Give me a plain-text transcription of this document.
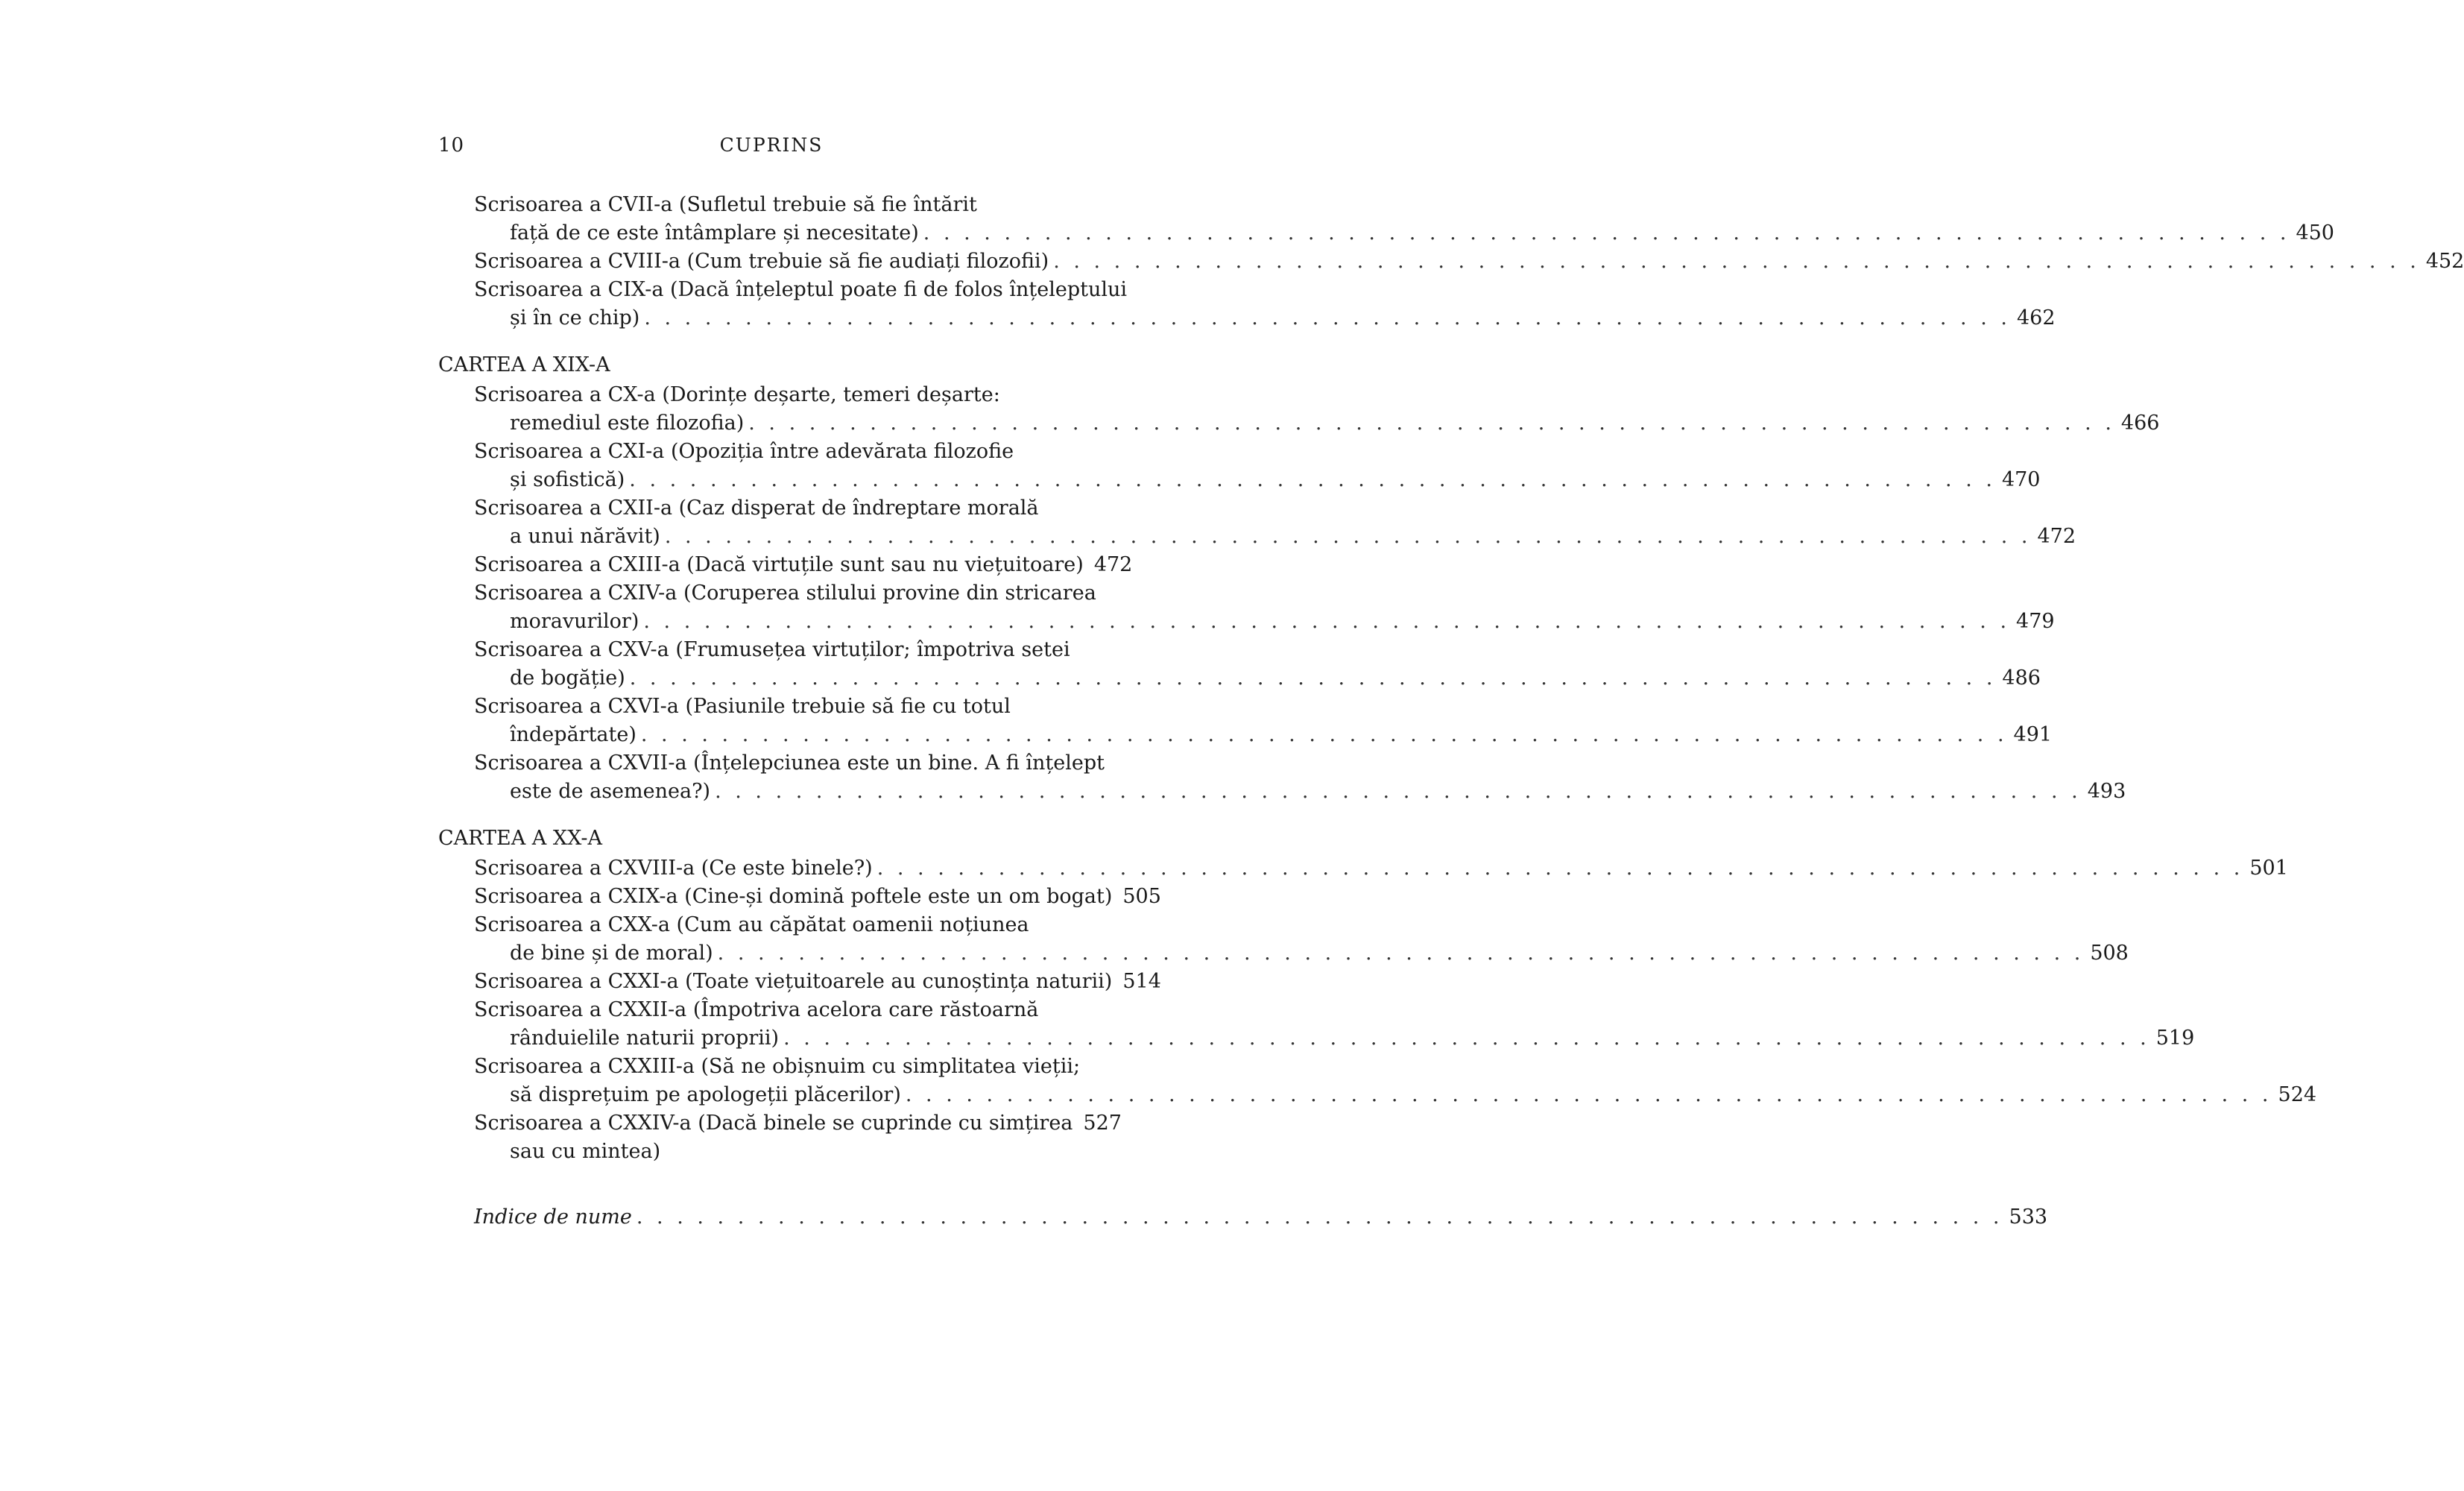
10	CUPRINS
Scrisoarea a CVII-a (Sufletul trebuie să fie întărit
față de ce este întâmplare și necesitate) . . . . . . . . . . . . . . . . . . . . . . . . . . . . . . . . . . . . . . . . . . . . . . . . . . . . . . . . . . . . . . . . . . . . 450
Scrisoarea a CVIII-a (Cum trebuie să fie audiați filozofii) . . . . . . . . . . . . . . . . . . . . . . . . . . . . . . . . . . . . . . . . . . . . . . . . . . . . . . . . . . . . . . . . . . . . 452
Scrisoarea a CIX-a (Dacă înțeleptul poate fi de folos înțeleptului
și în ce chip) . . . . . . . . . . . . . . . . . . . . . . . . . . . . . . . . . . . . . . . . . . . . . . . . . . . . . . . . . . . . . . . . . . . . 462
CARTEA A XIX-A
Scrisoarea a CX-a (Dorințe deșarte, temeri deșarte:
remediul este filozofia) . . . . . . . . . . . . . . . . . . . . . . . . . . . . . . . . . . . . . . . . . . . . . . . . . . . . . . . . . . . . . . . . . . . . 466
Scrisoarea a CXI-a (Opoziția între adevărata filozofie
și sofistică) . . . . . . . . . . . . . . . . . . . . . . . . . . . . . . . . . . . . . . . . . . . . . . . . . . . . . . . . . . . . . . . . . . . . 470
Scrisoarea a CXII-a (Caz disperat de îndreptare morală
a unui nărăvit) . . . . . . . . . . . . . . . . . . . . . . . . . . . . . . . . . . . . . . . . . . . . . . . . . . . . . . . . . . . . . . . . . . . . 472
Scrisoarea a CXIII-a (Dacă virtuțile sunt sau nu viețuitoare) 472
Scrisoarea a CXIV-a (Coruperea stilului provine din stricarea
moravurilor) . . . . . . . . . . . . . . . . . . . . . . . . . . . . . . . . . . . . . . . . . . . . . . . . . . . . . . . . . . . . . . . . . . . . 479
Scrisoarea a CXV-a (Frumusețea virtuților; împotriva setei
de bogăție) . . . . . . . . . . . . . . . . . . . . . . . . . . . . . . . . . . . . . . . . . . . . . . . . . . . . . . . . . . . . . . . . . . . . 486
Scrisoarea a CXVI-a (Pasiunile trebuie să fie cu totul
îndepărtate) . . . . . . . . . . . . . . . . . . . . . . . . . . . . . . . . . . . . . . . . . . . . . . . . . . . . . . . . . . . . . . . . . . . . 491
Scrisoarea a CXVII-a (Înțelepciunea este un bine. A fi înțelept
este de asemenea?) . . . . . . . . . . . . . . . . . . . . . . . . . . . . . . . . . . . . . . . . . . . . . . . . . . . . . . . . . . . . . . . . . . . . 493
CARTEA A XX-A
Scrisoarea a CXVIII-a (Ce este binele?) . . . . . . . . . . . . . . . . . . . . . . . . . . . . . . . . . . . . . . . . . . . . . . . . . . . . . . . . . . . . . . . . . . . . 501
Scrisoarea a CXIX-a (Cine-și domină poftele este un om bogat) 505
Scrisoarea a CXX-a (Cum au căpătat oamenii noțiunea
de bine și de moral) . . . . . . . . . . . . . . . . . . . . . . . . . . . . . . . . . . . . . . . . . . . . . . . . . . . . . . . . . . . . . . . . . . . . 508
Scrisoarea a CXXI-a (Toate viețuitoarele au cunoștința naturii) 514
Scrisoarea a CXXII-a (Împotriva acelora care răstoarnă
rânduielile naturii proprii) . . . . . . . . . . . . . . . . . . . . . . . . . . . . . . . . . . . . . . . . . . . . . . . . . . . . . . . . . . . . . . . . . . . . 519
Scrisoarea a CXXIII-a (Să ne obișnuim cu simplitatea vieții;
să disprețuim pe apologeții plăcerilor) . . . . . . . . . . . . . . . . . . . . . . . . . . . . . . . . . . . . . . . . . . . . . . . . . . . . . . . . . . . . . . . . . . . . 524
Scrisoarea a CXXIV-a (Dacă binele se cuprinde cu simțirea 527
sau cu mintea)
Indice de nume . . . . . . . . . . . . . . . . . . . . . . . . . . . . . . . . . . . . . . . . . . . . . . . . . . . . . . . . . . . . . . . . . . . . 533
